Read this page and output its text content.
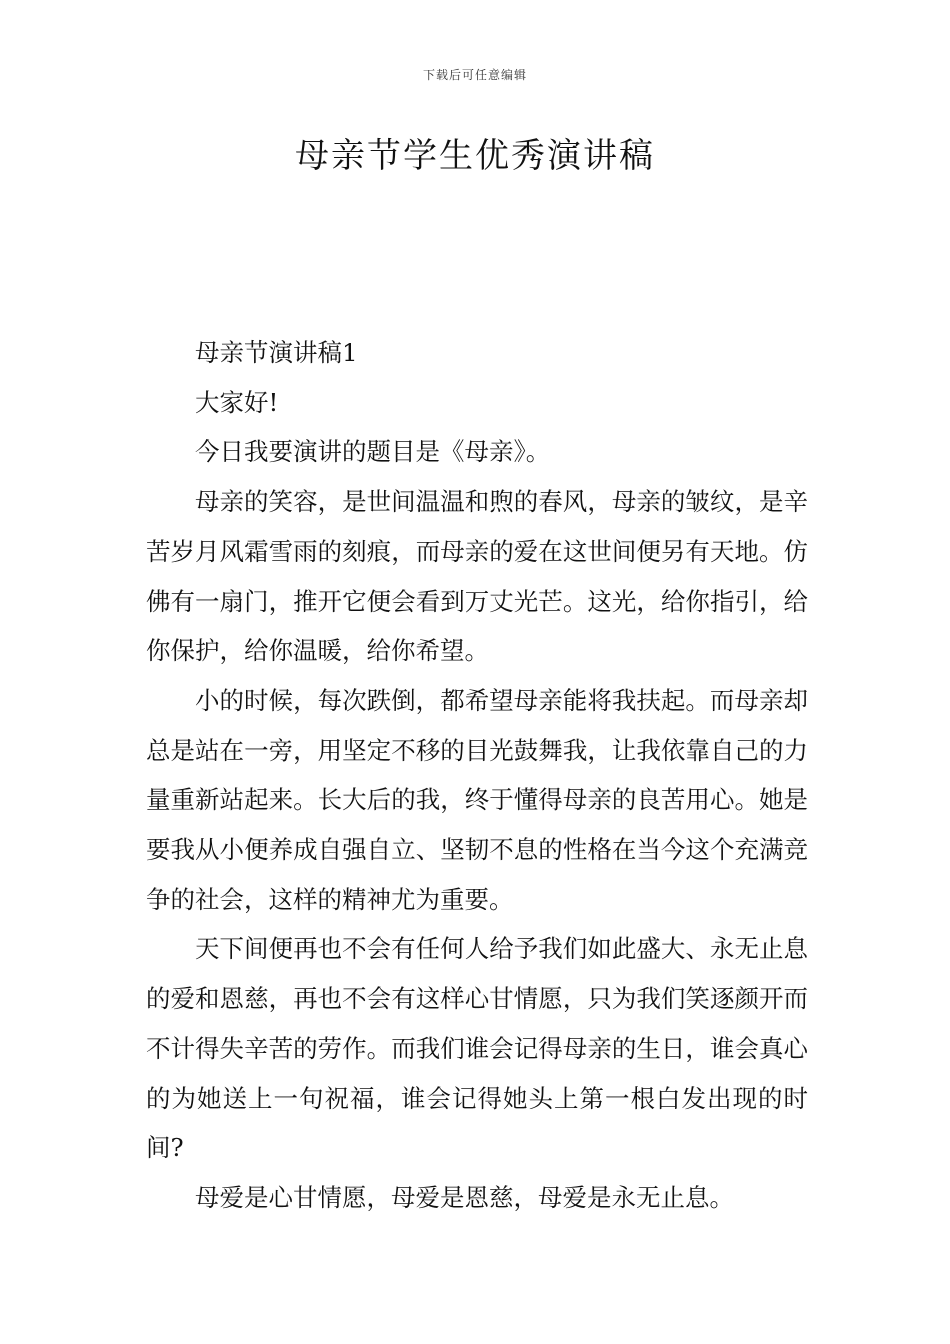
下载后可任意编辑
母亲节学生优秀演讲稿

母亲节演讲稿1

大家好!

今日我要演讲的题目是《母亲》。

母亲的笑容，是世间温温和煦的春风，母亲的皱纹，是辛苦岁月风霜雪雨的刻痕，而母亲的爱在这世间便另有天地。仿佛有一扇门，推开它便会看到万丈光芒。这光，给你指引，给你保护，给你温暖，给你希望。

小的时候，每次跌倒，都希望母亲能将我扶起。而母亲却总是站在一旁，用坚定不移的目光鼓舞我，让我依靠自己的力量重新站起来。长大后的我，终于懂得母亲的良苦用心。她是要我从小便养成自强自立、坚韧不息的性格在当今这个充满竞争的社会，这样的精神尤为重要。

天下间便再也不会有任何人给予我们如此盛大、永无止息的爱和恩慈，再也不会有这样心甘情愿，只为我们笑逐颜开而不计得失辛苦的劳作。而我们谁会记得母亲的生日，谁会真心的为她送上一句祝福，谁会记得她头上第一根白发出现的时间?

母爱是心甘情愿，母爱是恩慈，母爱是永无止息。
